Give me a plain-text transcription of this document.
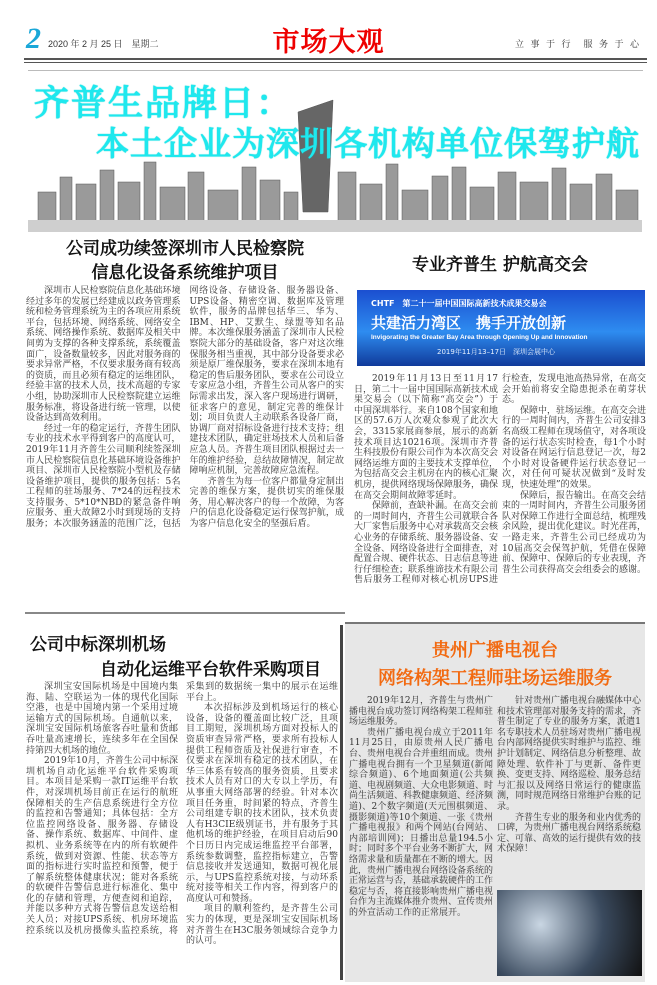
2 2020 年 2 月 25 日　星期二	市场大观	立 事 于 行　服 务 于 心
齐普生品牌日：
本土企业为深圳各机构单位保驾护航
公司成功续签深圳市人民检察院
信息化设备系统维护项目

深圳市人民检察院信息化基础环境经过多年的发展已经建成以政务管理系统和检务管理系统为主的各项应用系统平台，包括环境、网络系统、网络安全系统、网络操作系统、数据库及相关中间剪为支撑的各种支撑系统，系统覆盖面广，设备数量较多，因此对服务商的要求异常严格，不仅要求服务商有较高的资质，而且必须有稳定的运维团队，经验丰富的技术人员，技术高超的专家小组，协助深圳市人民检察院建立运维服务标准，将设备进行统一管理，以使设备达到高效利用。

经过一年的稳定运行，齐普生团队专业的技术水平得到客户的高度认可，2019年11月齐普生公司顺利续签深圳市人民检察院信息化基础环境设备维护项目、深圳市人民检察院小型机及存储设备维护项目，提供的服务包括：5名工程师的驻场服务、7*24的远程技术支持服务、5*10*NBD的紧急备件响应服务、重大故障2小时到现场的支持服务；本次服务涵盖的范围广泛，包括网络设备、存储设备、服务器设备、UPS设备、精密空调、数据库及管理软件，服务的品牌包括华三、华为、IBM、HP、艾默生、绿盟等知名品牌。本次维保服务涵盖了深圳市人民检察院大部分的基础设备，客户对这次维保服务相当重视，其中部分设备要求必须是原厂维保服务，要求在深圳本地有稳定的售后服务团队，要求在公司设立专家应急小组，齐普生公司从客户的实际需求出发，深入客户现场进行调研，征求客户的意见，制定完善的维保计划；项目负责人主动联系各设备厂商，协调厂商对招标设备进行技术支持；组建技术团队，确定驻场技术人员和后备应急人员。齐普生项目团队根据过去一年的维护经验，总结故障情况，制定故障响应机制，完善故障应急流程。

齐普生为每一位客户都量身定制出完善的维保方案，提供切实的维保服务，用心解决客户的每一个故障，为客户的信息化设备稳定运行保驾护航，成为客户信息化安全的坚强后盾。

专业齐普生 护航高交会
CHTF　 第二十一届中国国际高新技术成果交易会
共建活力湾区　携手开放创新
Invigorating the Greater Bay Area through Opening Up and Innovation
2019年11月13–17日　深圳会展中心

2019年11月13日至11月17日，第二十一届中国国际高新技术成果交易会（以下简称“高交会”）于中国深圳举行。来自108个国家和地区的57.6万人次观众参观了此次大会，3315家展商参展，展示的高新技术项目达10216项。深圳市齐普生科技股份有限公司作为本次高交会网络运维方面的主要技术支撑单位，为包括高交会主机房在内的核心汇聚机房，提供网络现场保障服务，确保在高交会期间故障零延时。

保障前，查缺补漏。在高交会前的一周时间内，齐普生公司就联合各大厂家售后服务中心对承载高交会核心业务的存储系统、服务器设备、安全设备、网络设备进行全面排查，对配置合规、硬件状态、日志信息等进行仔细检查；联系维谛技术有限公司售后服务工程师对核心机房UPS进行检查，发现电池高热异常，在高交会开始前将安全隐患扼杀在萌芽状态。

保障中，驻场运维。在高交会进行的一周时间内，齐普生公司安排3名高级工程师在现场值守，对各项设备的运行状态实时检查，每1个小时对设备在网运行信息登记一次，每2个小时对设备硬件运行状态登记一次，对任何可疑状况做到“及时发现，快速处理”的效果。

保障后，报告输出。在高交会结束的一周时间内，齐普生公司服务团队对保障工作进行全面总结，梳理残余风险，提出优化建议。时光荏苒，一路走来，齐普生公司已经成功为10届高交会保驾护航，凭借在保障前、保障中、保障后的专业表现，齐普生公司获得高交会组委会的感谢。

公司中标深圳机场
自动化运维平台软件采购项目

深圳宝安国际机场是中国境内集海、陆、空联运为一体的现代化国际空港，也是中国境内第一个采用过境运输方式的国际机场。自通航以来，深圳宝安国际机场旅客吞吐量和货邮吞吐量高速增长，连续多年在全国保持第四大机场的地位。

2019年10月，齐普生公司中标深圳机场自动化运维平台软件采购项目。本项目是采购一款IT运维平台软件，对深圳机场目前正在运行的航班保障相关的生产信息系统进行全方位的监控和告警通知；具体包括：全方位监控网络设备、服务器、存储设备、操作系统、数据库、中间件、虚拟机、业务系统等在内的所有软硬件系统，做到对资源、性能、状态等方面的指标进行实时监控和预警，便于了解系统整体健康状况；能对各系统的软硬件告警信息进行标准化、集中化的存储和管理，方便查阅和追踪，并能以多种方式将告警信息发送给相关人员；对接UPS系统、机房环境监控系统以及机房摄像头监控系统，将采集到的数据统一集中的展示在运维平台上。

本次招标涉及到机场运行的核心设备，设备的覆盖面比较广泛，且项目工期短，深圳机场方面对投标人的资质审查异常严格，要求所有投标人提供工程师资质及社保进行审查，不仅要求在深圳有稳定的技术团队，在华三体系有较高的服务资质，且要求技术人员有对口的大专以上学历，有从事重大网络部署的经验。针对本次项目任务重，时间紧的特点，齐普生公司组建专职的技术团队，技术负责人有H3CIE级别证书，并有服务于其他机场的维护经验，在项目启动后90个日历日内完成运维监控平台部署，系统参数调整，监控指标建立，告警信息接收并发送通知，数据可视化展示，与UPS监控系统对接，与动环系统对接等相关工作内容，得到客户的高度认可和赞扬。

项目的顺利签约，是齐普生公司实力的体现，更是深圳宝安国际机场对齐普生在H3C服务领域综合竞争力的认可。

贵州广播电视台
网络构架工程师驻场运维服务

2019年12月，齐普生与贵州广播电视台成功签订网络构架工程师驻场运维服务。

贵州广播电视台成立于2011年11月25日，由原贵州人民广播电台、贵州电视台合并重组而成。贵州广播电视台拥有一个卫星频道(新闻综合频道)、6个地面频道(公共频道、电视剧频道、大众电影频道、时尚生活频道、科教健康频道、经济频道)、2个数字频道(天元围棋频道、摄影频道)等10个频道、一张《贵州广播电视报》和两个网站(台网站、内部培训网)；日播出总量194.5小时；同时多个平台业务不断扩大，网络需求量和质量都在不断的增大。因此，贵州广播电视台网络设备系统的正常运营与否，基础承载硬件的工作稳定与否，将直接影响贵州广播电视台作为主流媒体推介贵州、宣传贵州的外宣活动工作的正常展开。

针对贵州广播电视台融媒体中心和技术管理部对服务支持的需求，齐普生制定了专业的服务方案，派遣1名专职技术人员驻场对贵州广播电视台内部网络提供实时维护与监控、维护计划制定、网络信息分析整理、故障处理、软件补丁与更新、备件更换、变更支持、网络巡检、服务总结与汇报以及网络日常运行的健康监测，同时规范网络日常维护台账的记录。

齐普生专业的服务和业内优秀的口碑，为贵州广播电视台网络系统稳定、可靠、高效的运行提供有效的技术保障！
